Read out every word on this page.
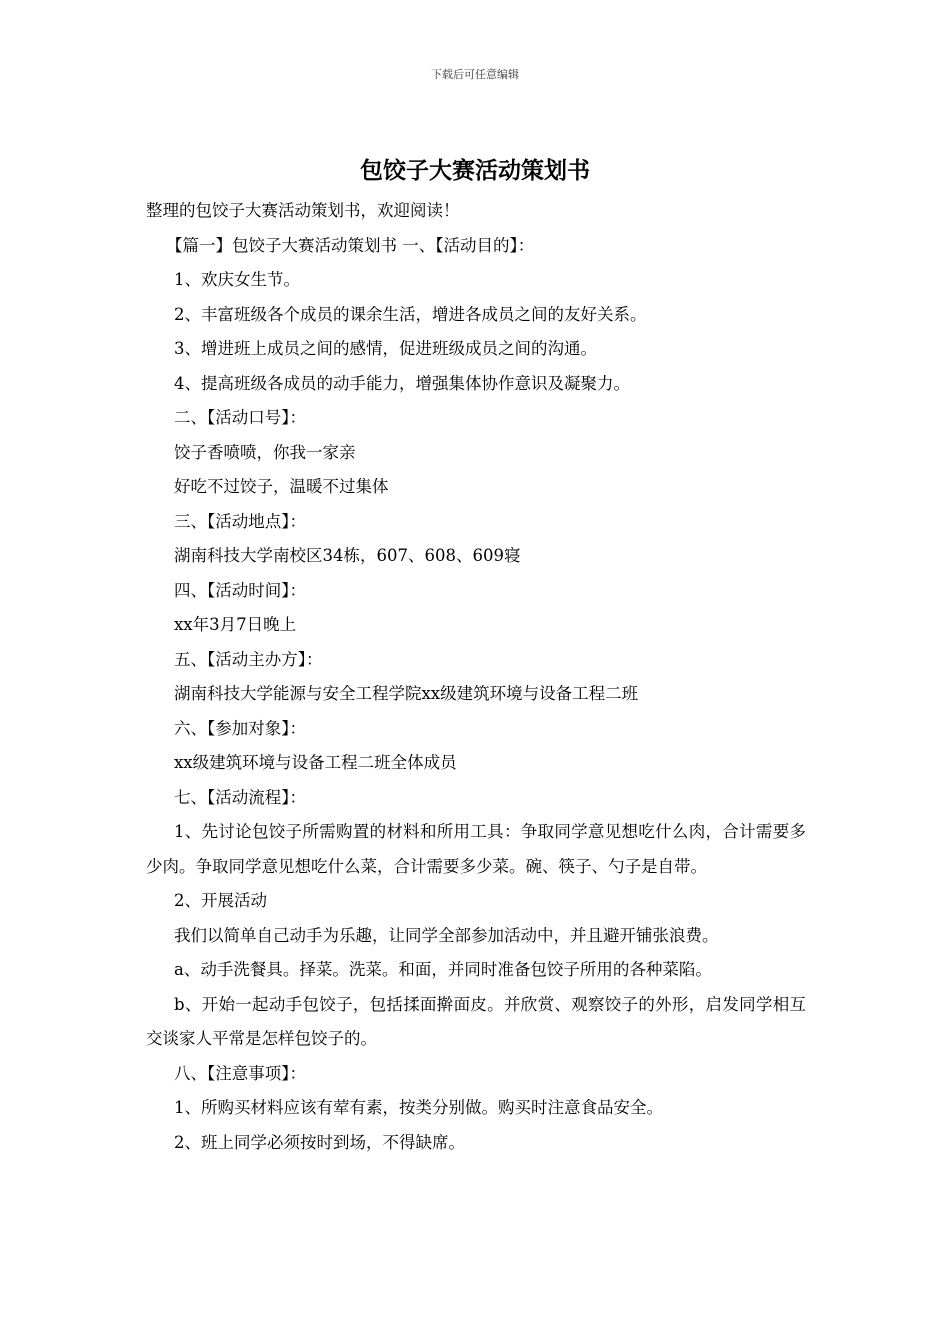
下载后可任意编辑
包饺子大赛活动策划书

整理的包饺子大赛活动策划书，欢迎阅读！

【篇一】包饺子大赛活动策划书 一、【活动目的】：

1、欢庆女生节。

2、丰富班级各个成员的课余生活，增进各成员之间的友好关系。

3、增进班上成员之间的感情，促进班级成员之间的沟通。

4、提高班级各成员的动手能力，增强集体协作意识及凝聚力。

二、【活动口号】：

饺子香喷喷，你我一家亲

好吃不过饺子，温暖不过集体

三、【活动地点】：

湖南科技大学南校区34栋，607、608、609寝

四、【活动时间】：

xx年3月7日晚上

五、【活动主办方】：

湖南科技大学能源与安全工程学院xx级建筑环境与设备工程二班

六、【参加对象】：

xx级建筑环境与设备工程二班全体成员

七、【活动流程】：

1、先讨论包饺子所需购置的材料和所用工具：争取同学意见想吃什么肉，合计需要多少肉。争取同学意见想吃什么菜，合计需要多少菜。碗、筷子、勺子是自带。

2、开展活动

我们以简单自己动手为乐趣，让同学全部参加活动中，并且避开铺张浪费。

a、动手洗餐具。择菜。洗菜。和面，并同时准备包饺子所用的各种菜陷。

b、开始一起动手包饺子，包括揉面擀面皮。并欣赏、观察饺子的外形，启发同学相互交谈家人平常是怎样包饺子的。

八、【注意事项】：

1、所购买材料应该有荤有素，按类分别做。购买时注意食品安全。

2、班上同学必须按时到场，不得缺席。
